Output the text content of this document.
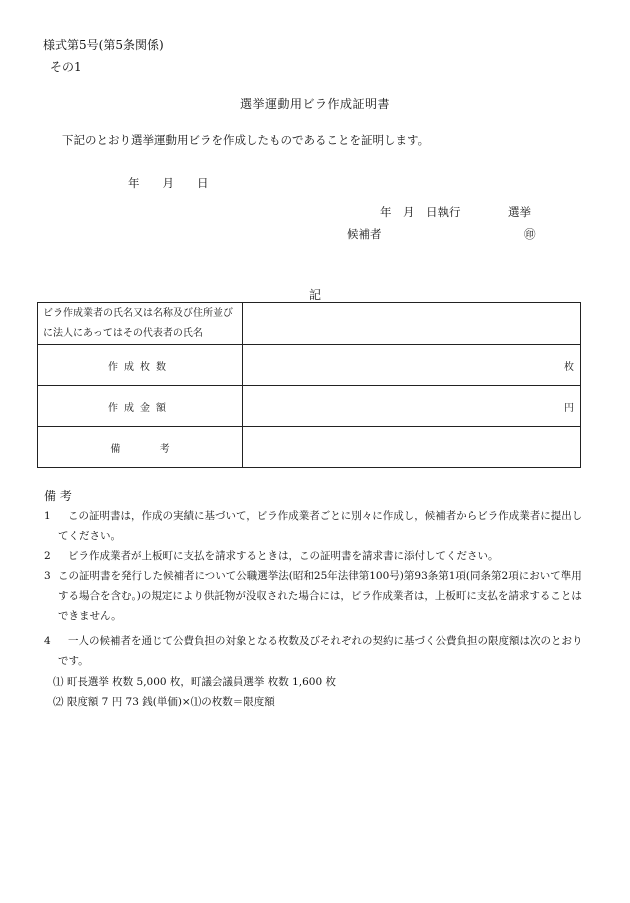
様式第5号(第5条関係)
その1
選挙運動用ビラ作成証明書
下記のとおり選挙運動用ビラを作成したものであることを証明します。
年　　月　　日
年　月　日執行	選挙
候補者	㊞
記
ビラ作成業者の氏名又は名称及び住所並び
に法人にあってはその代表者の氏名	

作成枚数	枚
作成金額	円
備 考	
備 考
1	この証明書は，作成の実績に基づいて，ビラ作成業者ごとに別々に作成し，候補者からビラ作成業者に提出してください。
2	ビラ作成業者が上板町に支払を請求するときは，この証明書を請求書に添付してください。
3 この証明書を発行した候補者について公職選挙法(昭和25年法律第100号)第93条第1項(同条第2項において準用する場合を含む。)の規定により供託物が没収された場合には，ビラ作成業者は，上板町に支払を請求することはできません。
4	一人の候補者を通じて公費負担の対象となる枚数及びそれぞれの契約に基づく公費負担の限度額は次のとおりです。
⑴ 町長選挙 枚数 5,000 枚，町議会議員選挙 枚数 1,600 枚
⑵ 限度額 7 円 73 銭(単価)×⑴の枚数＝限度額
